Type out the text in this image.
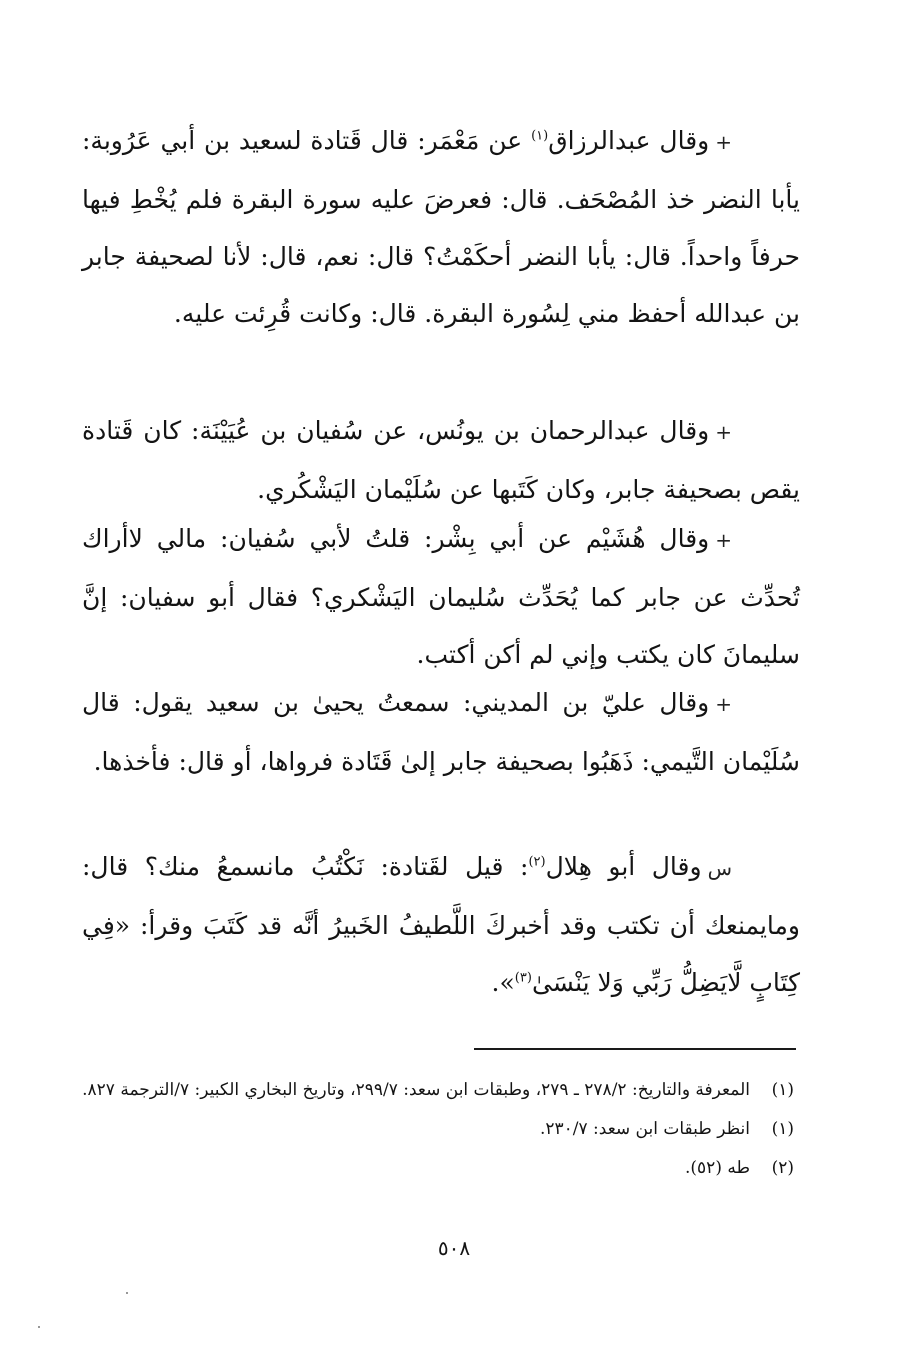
+وقال عبدالرزاق$^{(١)}$ عن مَعْمَر: قال قَتادة لسعيد بن أبي عَرُوبة: يأبا النضر خذ المُصْحَف. قال: فعرضَ عليه سورة البقرة فلم يُخْطِ فيها حرفاً واحداً. قال: يأبا النضر أحكَمْتُ؟ قال: نعم، قال: لأنا لصحيفة جابر بن عبدالله أحفظ مني لِسُورة البقرة. قال: وكانت قُرِئت عليه.

+وقال عبدالرحمان بن يونُس، عن سُفيان بن عُيَيْنَة: كان قَتادة يقص بصحيفة جابر، وكان كَتَبها عن سُلَيْمان اليَشْكُري.

+وقال هُشَيْم عن أبي بِشْر: قلتُ لأبي سُفيان: مالي لاأراك تُحدِّث عن جابر كما يُحَدِّث سُليمان اليَشْكري؟ فقال أبو سفيان: إنَّ سليمانَ كان يكتب وإني لم أكن أكتب.

+وقال عليّ بن المديني: سمعتُ يحيىٰ بن سعيد يقول: قال سُلَيْمان التَّيمي: ذَهَبُوا بصحيفة جابر إلىٰ قَتَادة فرواها، أو قال: فأخذها.

سوقال أبو هِلال$^{(٢)}$: قيل لقَتادة: نَكْتُبُ مانسمعُ منك؟ قال: ومايمنعك أن تكتب وقد أخبركَ اللَّطيفُ الخَبيرُ أنَّه قد كَتَبَ وقرأ: «فِي كِتَابٍ لَّايَضِلُّ رَبِّي وَلا يَنْسَىٰ$^{(٣)}$».

(١)
المعرفة والتاريخ: ٢٧٨/٢ ـ ٢٧٩، وطبقات ابن سعد: ٢٩٩/٧، وتاريخ البخاري الكبير: ٧/الترجمة ٨٢٧.
(١)
انظر طبقات ابن سعد: ٢٣٠/٧.
(٢)
طه (٥٢).
٥٠٨
